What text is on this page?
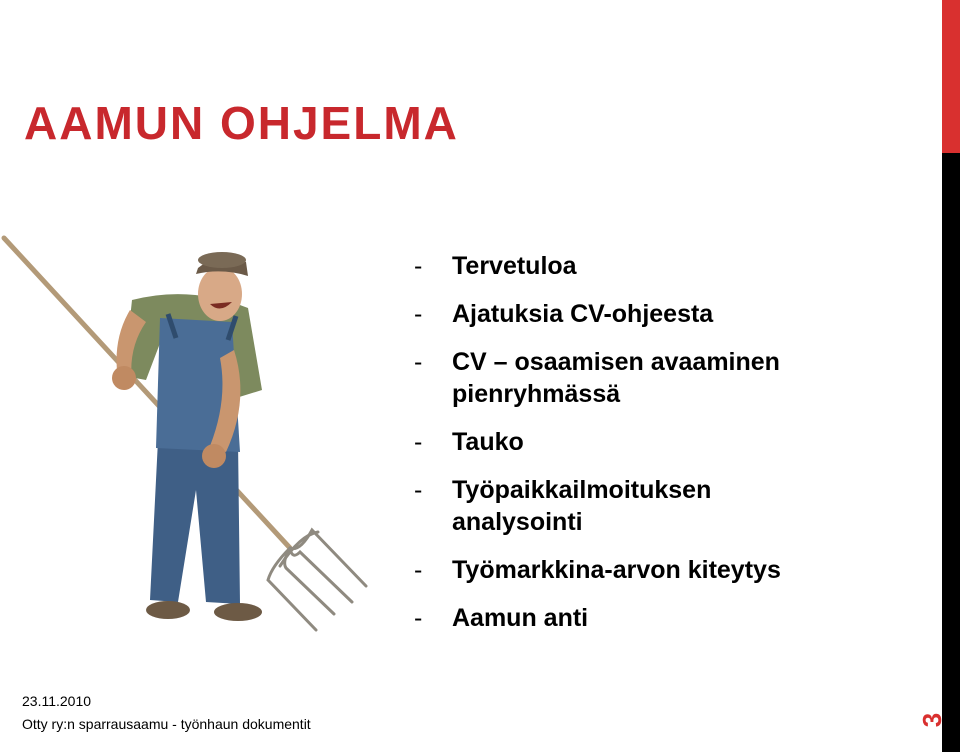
3
AAMUN OHJELMA
- Tervetuloa
- Ajatuksia CV-ohjeesta
- CV – osaamisen avaaminen
pienryhmässä
- Tauko
- Työpaikkailmoituksen
analysointi
- Työmarkkina-arvon kiteytys
- Aamun anti
23.11.2010
Otty ry:n sparrausaamu - työnhaun dokumentit
